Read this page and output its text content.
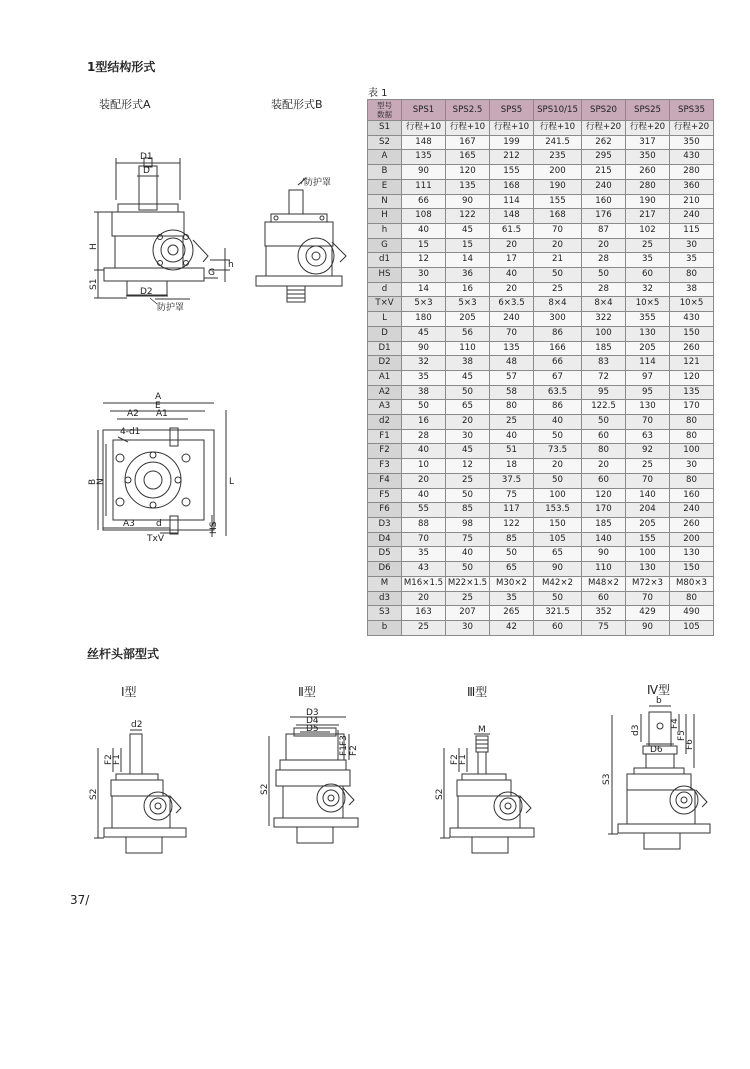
1型结构形式
装配形式A	装配形式B
表 1
D1
D
H
S1
D2
G
h
防护罩
防护罩
A
E
A2 A1
4-d1
B
N	L
A3 d
TxV
HS
d2
F2
F1
S2
D3
D4
D5
F3
F1 F2
S2
M
F2
F1
S2
b
d3
F4
F5
F6
D6
S3
型号
数据	SPS1	SPS2.5	SPS5	SPS10/15	SPS20	SPS25	SPS35
S1	行程+10	行程+10	行程+10	行程+10	行程+20	行程+20	行程+20
S2	148	167	199	241.5	262	317	350
A	135	165	212	235	295	350	430
B	90	120	155	200	215	260	280
E	111	135	168	190	240	280	360
N	66	90	114	155	160	190	210
H	108	122	148	168	176	217	240
h	40	45	61.5	70	87	102	115
G	15	15	20	20	20	25	30
d1	12	14	17	21	28	35	35
HS	30	36	40	50	50	60	80
d	14	16	20	25	28	32	38
T×V	5×3	5×3	6×3.5	8×4	8×4	10×5	10×5
L	180	205	240	300	322	355	430
D	45	56	70	86	100	130	150
D1	90	110	135	166	185	205	260
D2	32	38	48	66	83	114	121
A1	35	45	57	67	72	97	120
A2	38	50	58	63.5	95	95	135
A3	50	65	80	86	122.5	130	170
d2	16	20	25	40	50	70	80
F1	28	30	40	50	60	63	80
F2	40	45	51	73.5	80	92	100
F3	10	12	18	20	20	25	30
F4	20	25	37.5	50	60	70	80
F5	40	50	75	100	120	140	160
F6	55	85	117	153.5	170	204	240
D3	88	98	122	150	185	205	260
D4	70	75	85	105	140	155	200
D5	35	40	50	65	90	100	130
D6	43	50	65	90	110	130	150
M	M16×1.5	M22×1.5	M30×2	M42×2	M48×2	M72×3	M80×3
d3	20	25	35	50	60	70	80
S3	163	207	265	321.5	352	429	490
b	25	30	42	60	75	90	105
丝杆头部型式
Ⅰ型	Ⅱ型	Ⅲ型	Ⅳ型
37/
